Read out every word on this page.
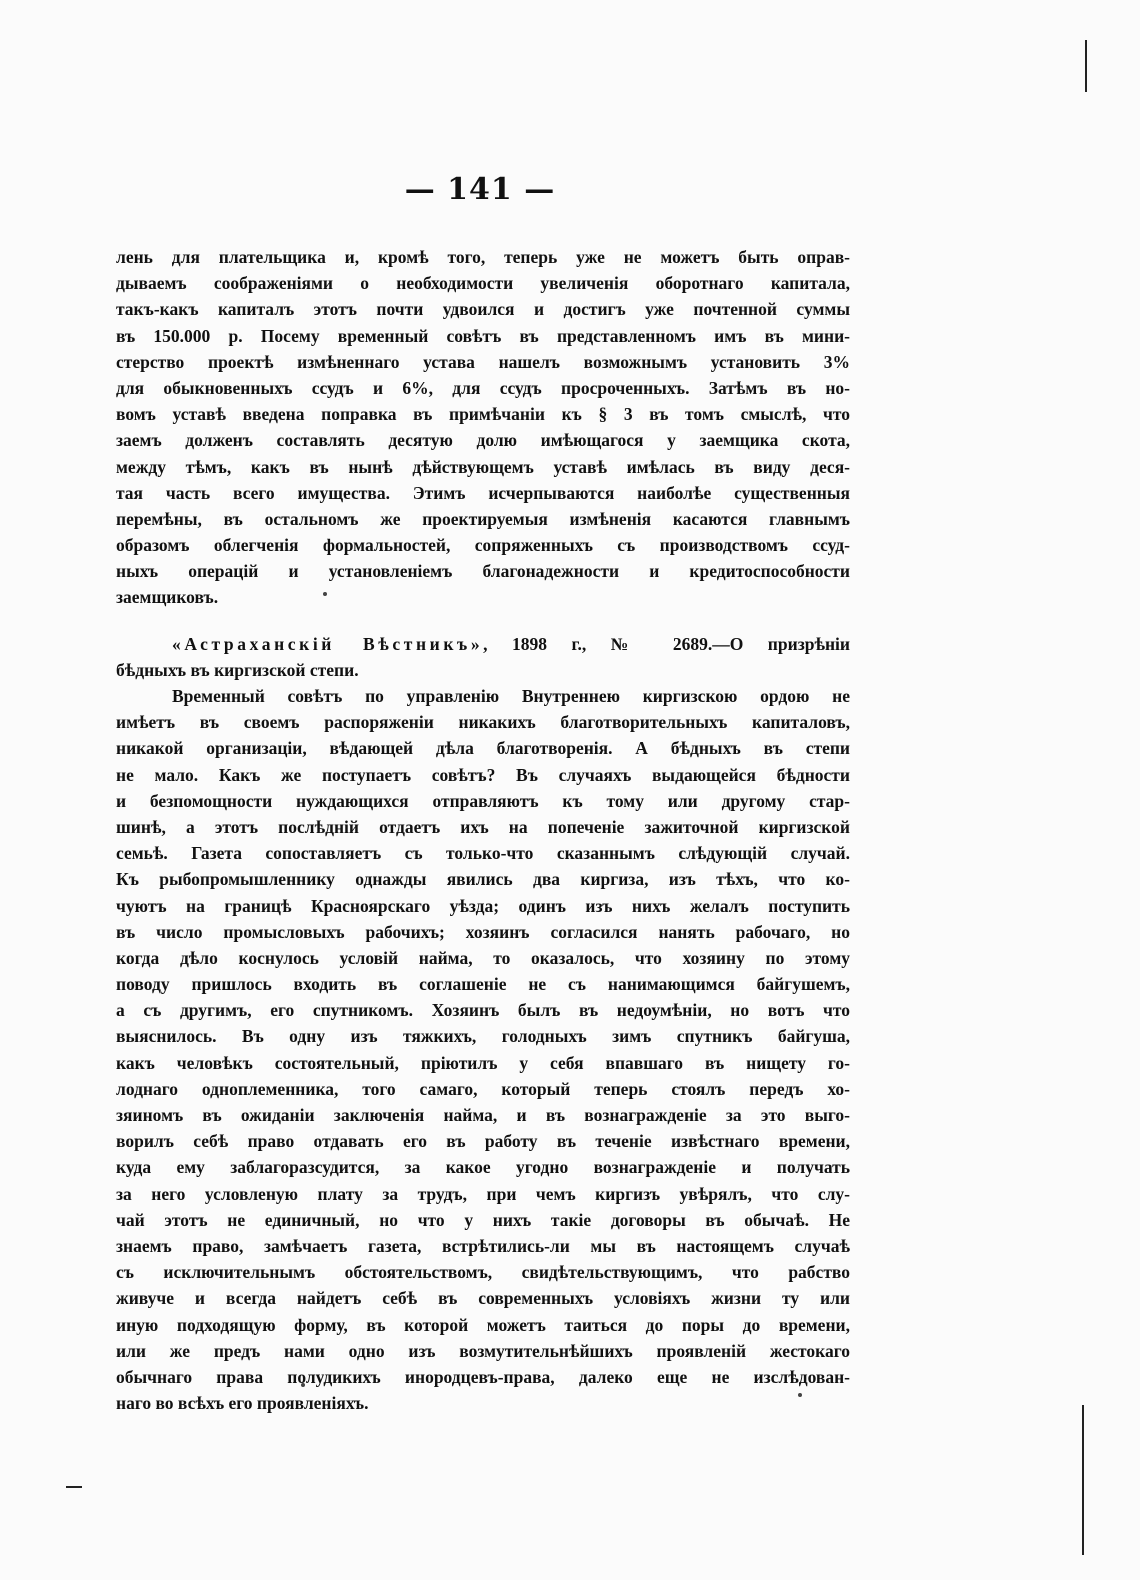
— 141 —
лень для плательщика и, кромѣ того, теперь уже не можетъ быть оправ-
дываемъ соображеніями о необходимости увеличенія оборотнаго капитала,
такъ-какъ капиталъ этотъ почти удвоился и достигъ уже почтенной суммы
въ 150.000 р. Посему временный совѣтъ въ представленномъ имъ въ мини-
стерство проектѣ измѣненнаго устава нашелъ возможнымъ установить 3%
для обыкновенныхъ ссудъ и 6%, для ссудъ просроченныхъ. Затѣмъ въ но-
вомъ уставѣ введена поправка въ примѣчаніи къ § 3 въ томъ смыслѣ, что
заемъ долженъ составлять десятую долю имѣющагося у заемщика скота,
между тѣмъ, какъ въ нынѣ дѣйствующемъ уставѣ имѣлась въ виду деся-
тая часть всего имущества. Этимъ исчерпываются наиболѣе существенныя
перемѣны, въ остальномъ же проектируемыя измѣненія касаются главнымъ
образомъ облегченія формальностей, сопряженныхъ съ производствомъ ссуд-
ныхъ операцій и установленіемъ благонадежности и кредитоспособности
заемщиковъ.
«Астраханскій Вѣстникъ», 1898 г., № 2689.—О призрѣніи
бѣдныхъ въ киргизской степи.
Временный совѣтъ по управленію Внутреннею киргизскою ордою не
имѣетъ въ своемъ распоряженіи никакихъ благотворительныхъ капиталовъ,
никакой организаціи, вѣдающей дѣла благотворенія. А бѣдныхъ въ степи
не мало. Какъ же поступаетъ совѣтъ? Въ случаяхъ выдающейся бѣдности
и безпомощности нуждающихся отправляютъ къ тому или другому стар-
шинѣ, а этотъ послѣдній отдаетъ ихъ на попеченіе зажиточной киргизской
семьѣ. Газета сопоставляетъ съ только-что сказаннымъ слѣдующій случай.
Къ рыбопромышленнику однажды явились два киргиза, изъ тѣхъ, что ко-
чуютъ на границѣ Красноярскаго уѣзда; одинъ изъ нихъ желалъ поступить
въ число промысловыхъ рабочихъ; хозяинъ согласился нанять рабочаго, но
когда дѣло коснулось условій найма, то оказалось, что хозяину по этому
поводу пришлось входить въ соглашеніе не съ нанимающимся байгушемъ,
а съ другимъ, его спутникомъ. Хозяинъ былъ въ недоумѣніи, но вотъ что
выяснилось. Въ одну изъ тяжкихъ, голодныхъ зимъ спутникъ байгуша,
какъ человѣкъ состоятельный, пріютилъ у себя впавшаго въ нищету го-
лоднаго одноплеменника, того самаго, который теперь стоялъ передъ хо-
зяиномъ въ ожиданіи заключенія найма, и въ вознагражденіе за это выго-
ворилъ себѣ право отдавать его въ работу въ теченіе извѣстнаго времени,
куда ему заблагоразсудится, за какое угодно вознагражденіе и получать
за него условленую плату за трудъ, при чемъ киргизъ увѣрялъ, что слу-
чай этотъ не единичный, но что у нихъ такіе договоры въ обычаѣ. Не
знаемъ право, замѣчаетъ газета, встрѣтились-ли мы въ настоящемъ случаѣ
съ исключительнымъ обстоятельствомъ, свидѣтельствующимъ, что рабство
живуче и всегда найдетъ себѣ въ современныхъ условіяхъ жизни ту или
иную подходящую форму, въ которой можетъ таиться до поры до времени,
или же предъ нами одно изъ возмутительнѣйшихъ проявленій жестокаго
обычнаго права полудикихъ инородцевъ-права, далеко еще не изслѣдован-
наго во всѣхъ его проявленіяхъ.
